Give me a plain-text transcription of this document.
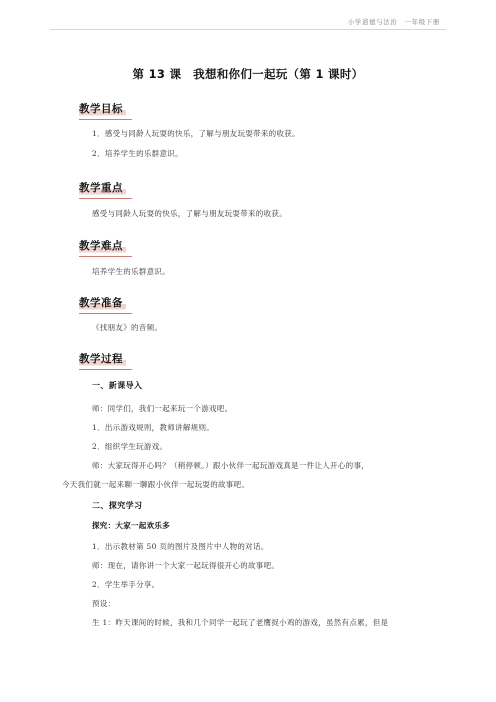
小学道德与法治　一年级下册
第 13 课　我想和你们一起玩（第 1 课时）
教学目标
1．感受与同龄人玩耍的快乐，了解与朋友玩耍带来的收获。
2．培养学生的乐群意识。
教学重点
感受与同龄人玩耍的快乐，了解与朋友玩耍带来的收获。
教学难点
培养学生的乐群意识。
教学准备
《找朋友》的音频。
教学过程
一、新课导入
师：同学们，我们一起来玩一个游戏吧。
1．出示游戏规则，教师讲解规则。
2．组织学生玩游戏。
师：大家玩得开心吗？（稍停顿。）跟小伙伴一起玩游戏真是一件让人开心的事，
今天我们就一起来聊一聊跟小伙伴一起玩耍的故事吧。
二、探究学习
探究：大家一起欢乐多
1．出示教材第 50 页的图片及图片中人物的对话。
师：现在，请你讲一个大家一起玩得很开心的故事吧。
2．学生举手分享。
预设：
生 1：昨天课间的时候，我和几个同学一起玩了老鹰捉小鸡的游戏，虽然有点累，但是
